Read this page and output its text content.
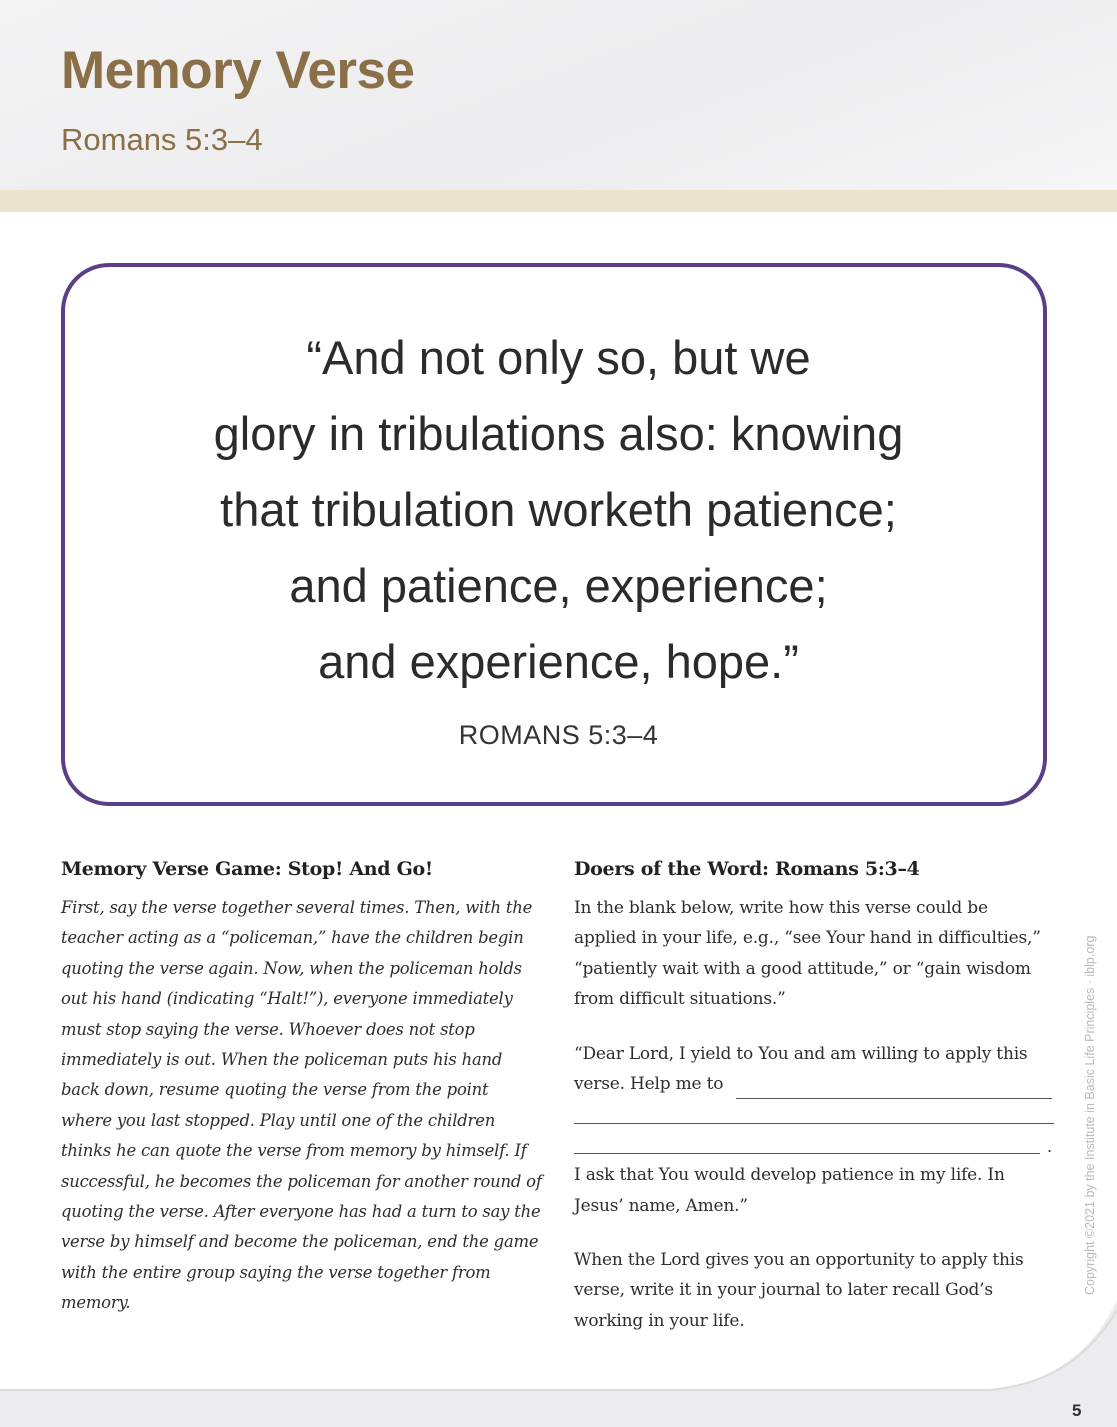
Memory Verse

Romans 5:3–4

“And not only so, but we
glory in tribulations also: knowing
that tribulation worketh patience;
and patience, experience;
and experience, hope.”

ROMANS 5:3–4

Memory Verse Game: Stop! And Go!

First, say the verse together several times. Then, with the teacher acting as a “policeman,” have the children begin quoting the verse again. Now, when the policeman holds out his hand (indicating “Halt!”), everyone immediately must stop saying the verse. Whoever does not stop immediately is out. When the policeman puts his hand back down, resume quoting the verse from the point where you last stopped. Play until one of the children thinks he can quote the verse from memory by himself. If successful, he becomes the policeman for another round of quoting the verse. After everyone has had a turn to say the verse by himself and become the policeman, end the game with the entire group saying the verse together from memory.

Doers of the Word: Romans 5:3–4

In the blank below, write how this verse could be applied in your life, e.g., “see Your hand in difficulties,” “patiently wait with a good attitude,” or “gain wisdom from difficult situations.”

“Dear Lord, I yield to You and am willing to apply this verse. Help me to

.

I ask that You would develop patience in my life. In Jesus’ name, Amen.”

When the Lord gives you an opportunity to apply this verse, write it in your journal to later recall God’s working in your life.

Copyright ©2021 by the Institute in Basic Life Principles · iblp.org

5
